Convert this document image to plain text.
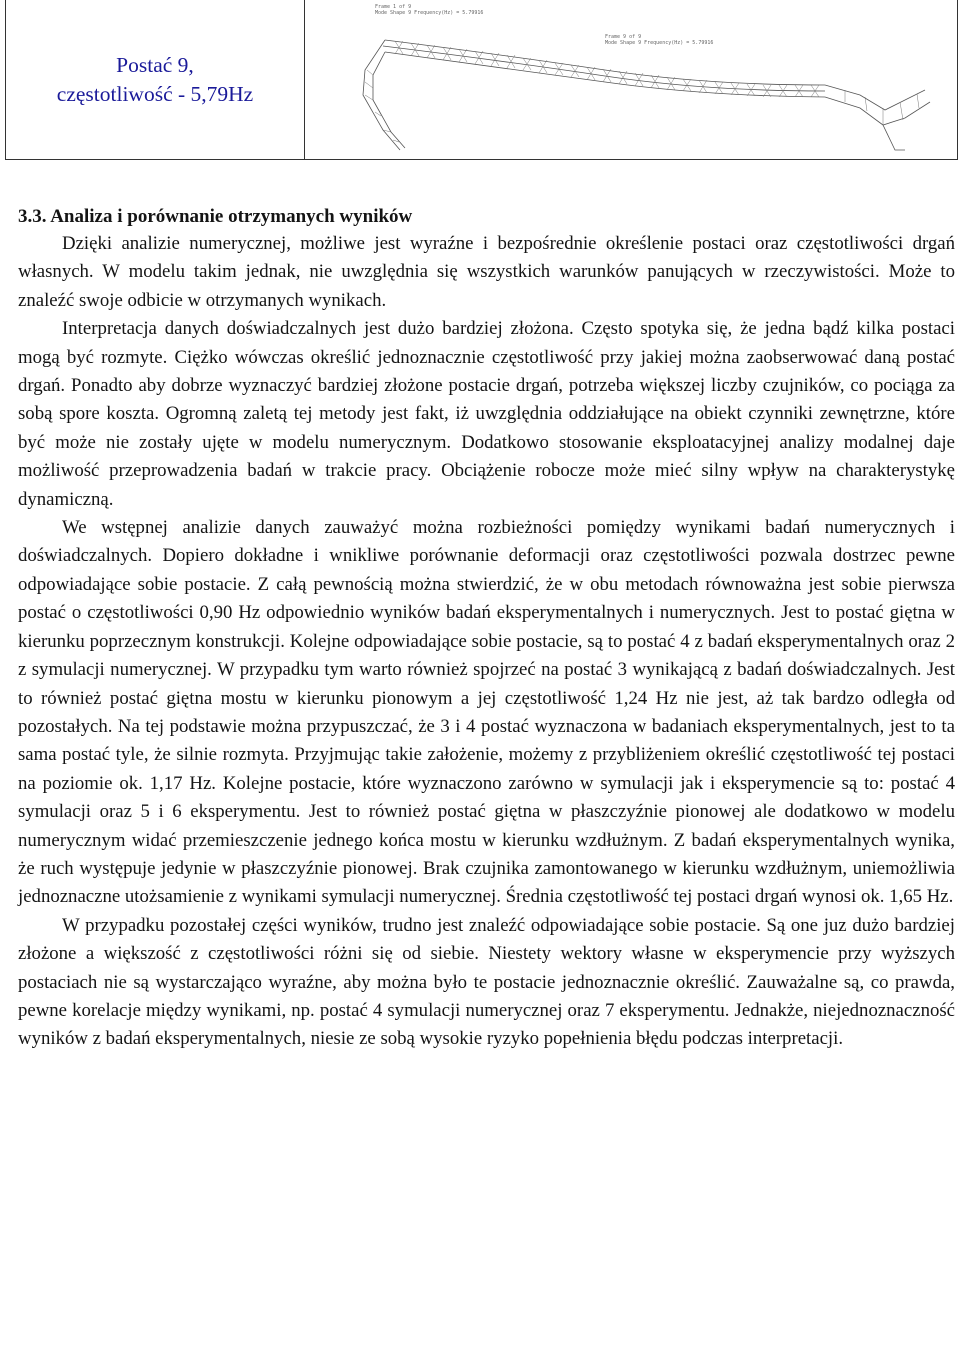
Postać 9,
częstotliwość - 5,79Hz
Frame 1 of 9
Mode Shape 9 Frequency(Hz) = 5.79916
Frame 9 of 9
Mode Shape 9 Frequency(Hz) = 5.79916

3.3. Analiza i porównanie otrzymanych wyników

Dzięki analizie numerycznej, możliwe jest wyraźne i bezpośrednie określenie postaci oraz częstotliwości drgań własnych. W modelu takim jednak, nie uwzględnia się wszystkich warunków panujących w rzeczywistości. Może to znaleźć swoje odbicie w otrzymanych wynikach.

Interpretacja danych doświadczalnych jest dużo bardziej złożona. Często spotyka się, że jedna bądź kilka postaci mogą być rozmyte. Ciężko wówczas określić jednoznacznie częstotliwość przy jakiej można zaobserwować daną postać drgań. Ponadto aby dobrze wyznaczyć bardziej złożone postacie drgań, potrzeba większej liczby czujników, co pociąga za sobą spore koszta. Ogromną zaletą tej metody jest fakt, iż uwzględnia oddziałujące na obiekt czynniki zewnętrzne, które być może nie zostały ujęte w modelu numerycznym. Dodatkowo stosowanie eksploatacyjnej analizy modalnej daje możliwość przeprowadzenia badań w trakcie pracy. Obciążenie robocze może mieć silny wpływ na charakterystykę dynamiczną.

We wstępnej analizie danych zauważyć można rozbieżności pomiędzy wynikami badań numerycznych i doświadczalnych. Dopiero dokładne i wnikliwe porównanie deformacji oraz częstotliwości pozwala dostrzec pewne odpowiadające sobie postacie. Z całą pewnością można stwierdzić, że w obu metodach równoważna jest sobie pierwsza postać o częstotliwości 0,90 Hz odpowiednio wyników badań eksperymentalnych i numerycznych. Jest to postać giętna w kierunku poprzecznym konstrukcji. Kolejne odpowiadające sobie postacie, są to postać 4 z badań eksperymentalnych oraz 2 z symulacji numerycznej. W przypadku tym warto również spojrzeć na postać 3 wynikającą z badań doświadczalnych. Jest to również postać giętna mostu w kierunku pionowym a jej częstotliwość 1,24 Hz nie jest, aż tak bardzo odległa od pozostałych. Na tej podstawie można przypuszczać, że 3 i 4 postać wyznaczona w badaniach eksperymentalnych, jest to ta sama postać tyle, że silnie rozmyta. Przyjmując takie założenie, możemy z przybliżeniem określić częstotliwość tej postaci na poziomie ok. 1,17 Hz. Kolejne postacie, które wyznaczono zarówno w symulacji jak i eksperymencie są to: postać 4 symulacji oraz 5 i 6 eksperymentu. Jest to również postać giętna w płaszczyźnie pionowej ale dodatkowo w modelu numerycznym widać przemieszczenie jednego końca mostu w kierunku wzdłużnym. Z badań eksperymentalnych wynika, że ruch występuje jedynie w płaszczyźnie pionowej. Brak czujnika zamontowanego w kierunku wzdłużnym, uniemożliwia jednoznaczne utożsamienie z wynikami symulacji numerycznej. Średnia częstotliwość tej postaci drgań wynosi ok. 1,65 Hz.

W przypadku pozostałej części wyników, trudno jest znaleźć odpowiadające sobie postacie. Są one juz dużo bardziej złożone a większość z częstotliwości różni się od siebie. Niestety wektory własne w eksperymencie przy wyższych postaciach nie są wystarczająco wyraźne, aby można było te postacie jednoznacznie określić. Zauważalne są, co prawda, pewne korelacje między wynikami, np. postać 4 symulacji numerycznej oraz 7 eksperymentu. Jednakże, niejednoznaczność wyników z badań eksperymentalnych, niesie ze sobą wysokie ryzyko popełnienia błędu podczas interpretacji.
